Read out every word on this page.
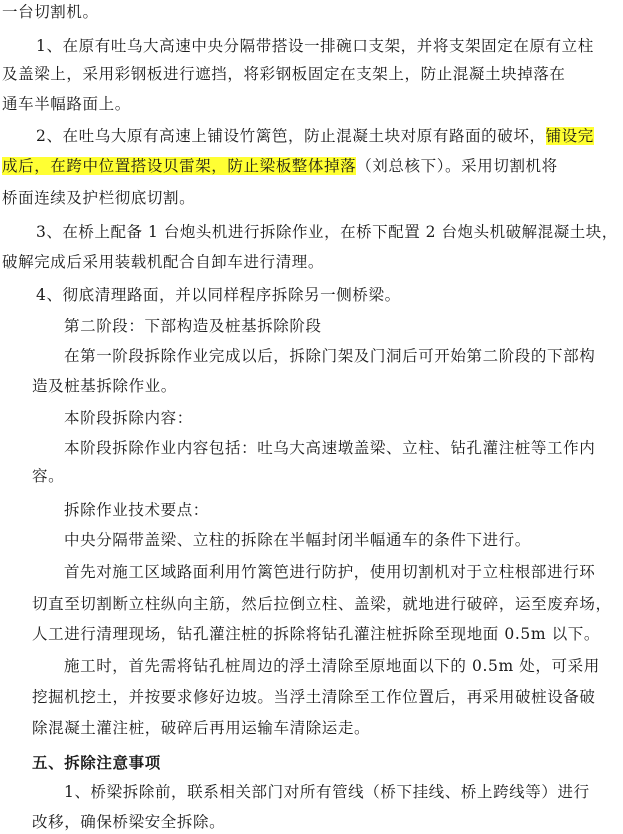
一台切割机。
1、在原有吐乌大高速中央分隔带搭设一排碗口支架，并将支架固定在原有立柱
及盖梁上，采用彩钢板进行遮挡，将彩钢板固定在支架上，防止混凝土块掉落在
通车半幅路面上。
2、在吐乌大原有高速上铺设竹篱笆，防止混凝土块对原有路面的破坏，铺设完
成后，在跨中位置搭设贝雷架，防止梁板整体掉落（刘总核下）。采用切割机将
桥面连续及护栏彻底切割。
3、在桥上配备 1 台炮头机进行拆除作业，在桥下配置 2 台炮头机破解混凝土块，
破解完成后采用装载机配合自卸车进行清理。
4、彻底清理路面，并以同样程序拆除另一侧桥梁。
第二阶段：下部构造及桩基拆除阶段
在第一阶段拆除作业完成以后，拆除门架及门洞后可开始第二阶段的下部构
造及桩基拆除作业。
本阶段拆除内容：
本阶段拆除作业内容包括：吐乌大高速墩盖梁、立柱、钻孔灌注桩等工作内
容。
拆除作业技术要点：
中央分隔带盖梁、立柱的拆除在半幅封闭半幅通车的条件下进行。
首先对施工区域路面利用竹篱笆进行防护，使用切割机对于立柱根部进行环
切直至切割断立柱纵向主筋，然后拉倒立柱、盖梁，就地进行破碎，运至废弃场，
人工进行清理现场，钻孔灌注桩的拆除将钻孔灌注桩拆除至现地面 0.5m 以下。
施工时，首先需将钻孔桩周边的浮土清除至原地面以下的 0.5m 处，可采用
挖掘机挖土，并按要求修好边坡。当浮土清除至工作位置后，再采用破桩设备破
除混凝土灌注桩，破碎后再用运输车清除运走。
五、拆除注意事项
1、桥梁拆除前，联系相关部门对所有管线（桥下挂线、桥上跨线等）进行
改移，确保桥梁安全拆除。
